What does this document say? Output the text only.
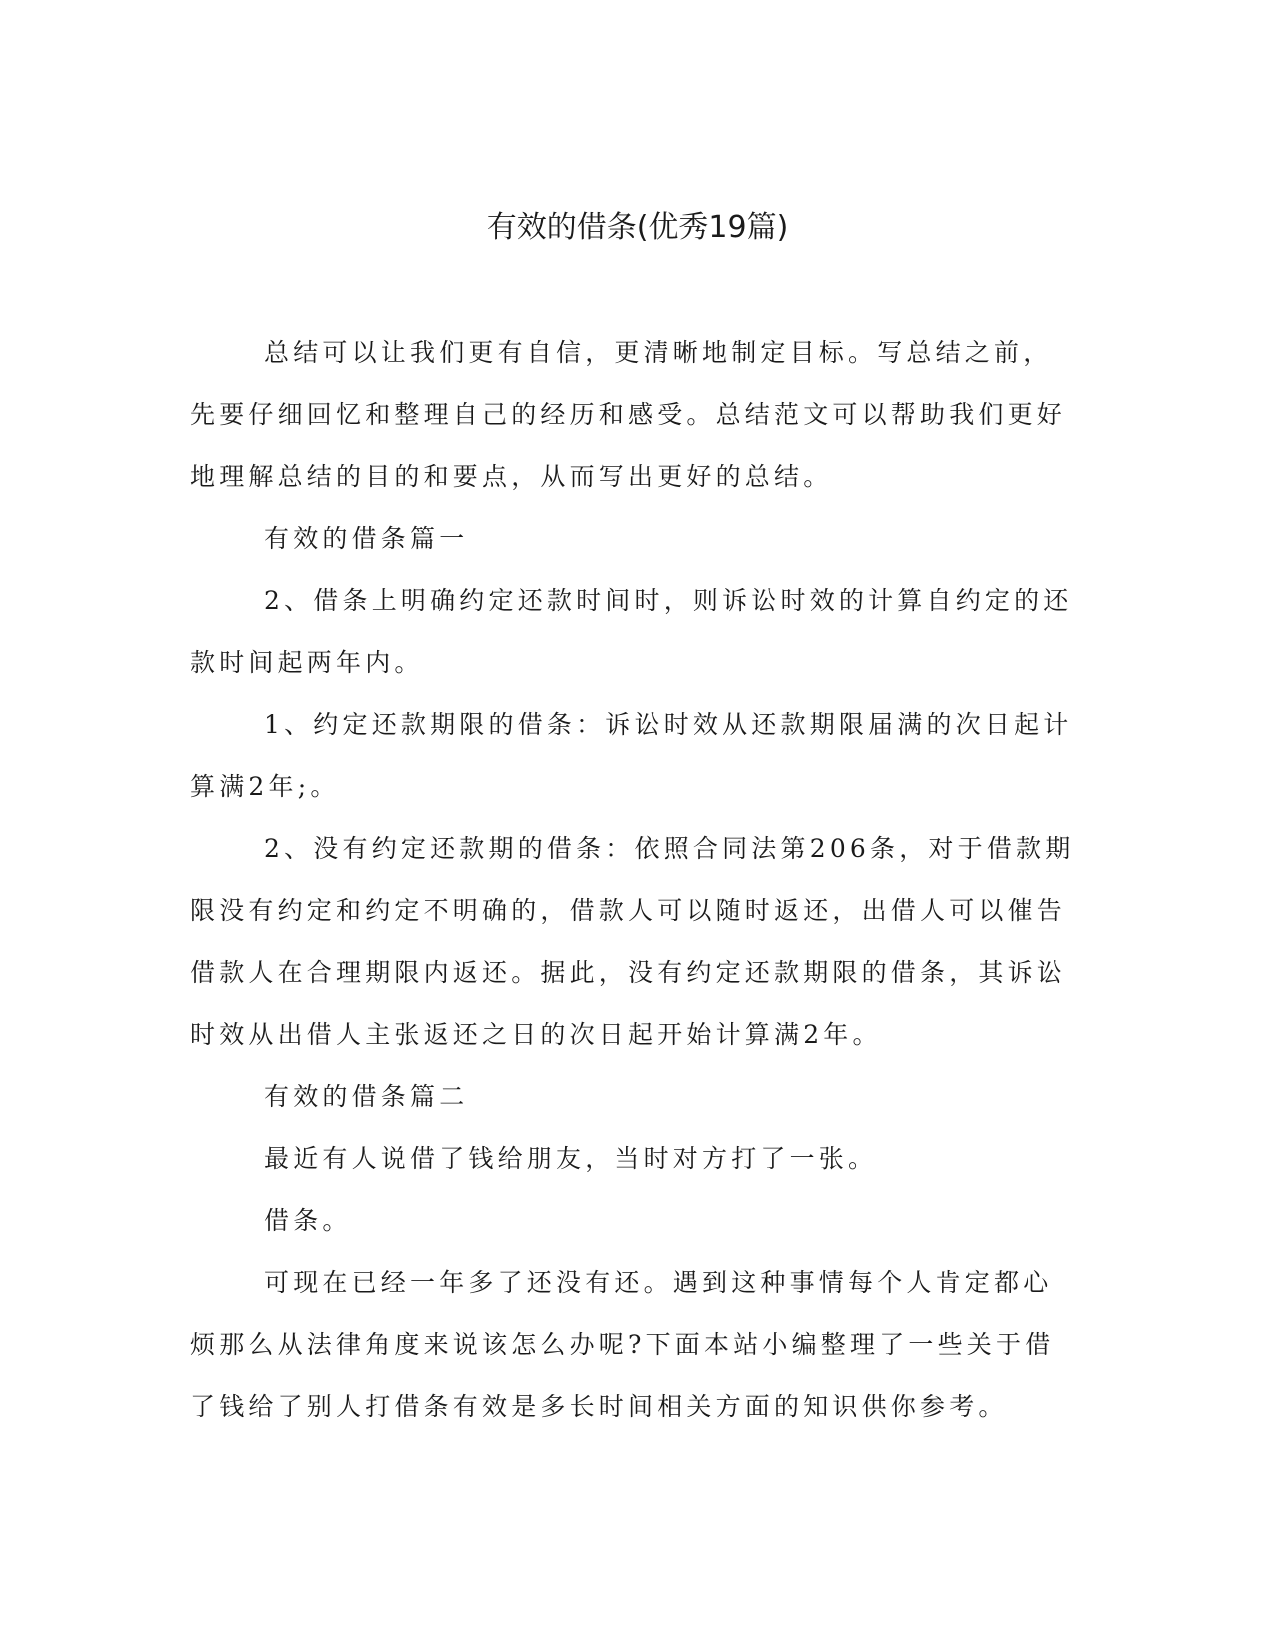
有效的借条(优秀19篇)

总结可以让我们更有自信，更清晰地制定目标。写总结之前，先要仔细回忆和整理自己的经历和感受。总结范文可以帮助我们更好地理解总结的目的和要点，从而写出更好的总结。

有效的借条篇一

2、借条上明确约定还款时间时，则诉讼时效的计算自约定的还款时间起两年内。

1、约定还款期限的借条：诉讼时效从还款期限届满的次日起计算满2年;。

2、没有约定还款期的借条：依照合同法第206条，对于借款期限没有约定和约定不明确的，借款人可以随时返还，出借人可以催告借款人在合理期限内返还。据此，没有约定还款期限的借条，其诉讼时效从出借人主张返还之日的次日起开始计算满2年。

有效的借条篇二

最近有人说借了钱给朋友，当时对方打了一张。

借条。

可现在已经一年多了还没有还。遇到这种事情每个人肯定都心烦那么从法律角度来说该怎么办呢?下面本站小编整理了一些关于借了钱给了别人打借条有效是多长时间相关方面的知识供你参考。
